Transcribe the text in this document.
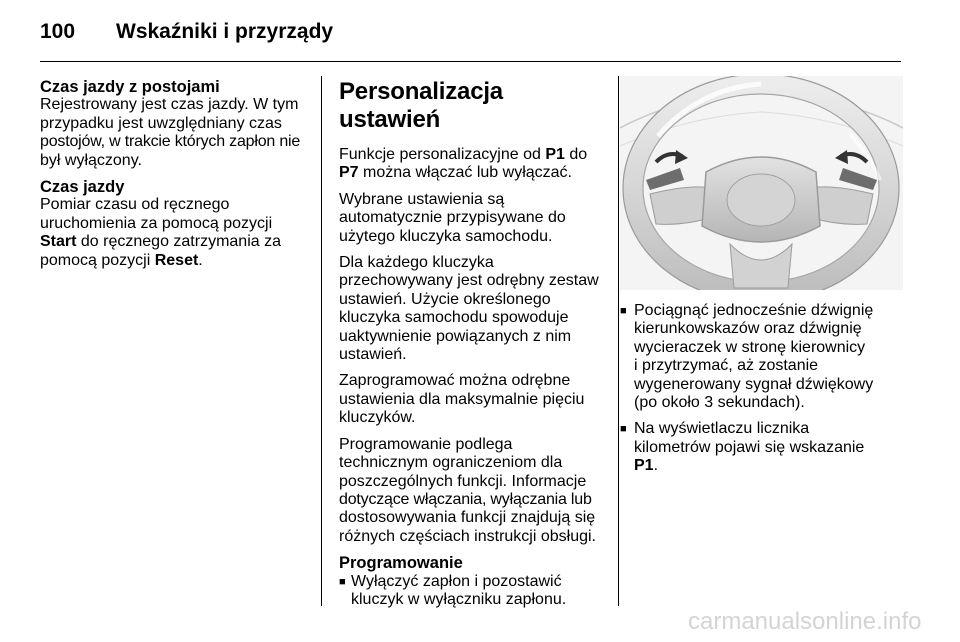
100 Wskaźniki i przyrządy
Czas jazdy z postojami
Rejestrowany jest czas jazdy. W tym
przypadku jest uwzględniany czas
postojów, w trakcie których zapłon nie
był wyłączony.
Czas jazdy
Pomiar czasu od ręcznego
uruchomienia za pomocą pozycji
Start do ręcznego zatrzymania za
pomocą pozycji Reset.
Personalizacja ustawień
Funkcje personalizacyjne od P1 do
P7 można włączać lub wyłączać.
Wybrane ustawienia są
automatycznie przypisywane do
użytego kluczyka samochodu.
Dla każdego kluczyka
przechowywany jest odrębny zestaw
ustawień. Użycie określonego
kluczyka samochodu spowoduje
uaktywnienie powiązanych z nim
ustawień.
Zaprogramować można odrębne
ustawienia dla maksymalnie pięciu
kluczyków.
Programowanie podlega
technicznym ograniczeniom dla
poszczególnych funkcji. Informacje
dotyczące włączania, wyłączania lub
dostosowywania funkcji znajdują się
różnych częściach instrukcji obsługi.
Programowanie
■ Wyłączyć zapłon i pozostawić
kluczyk w wyłączniku zapłonu.
■ Pociągnąć jednocześnie dźwignię
kierunkowskazów oraz dźwignię
wycieraczek w stronę kierownicy
i przytrzymać, aż zostanie
wygenerowany sygnał dźwiękowy
(po około 3 sekundach).
■ Na wyświetlaczu licznika
kilometrów pojawi się wskazanie
P1.
carmanualsonline.info
